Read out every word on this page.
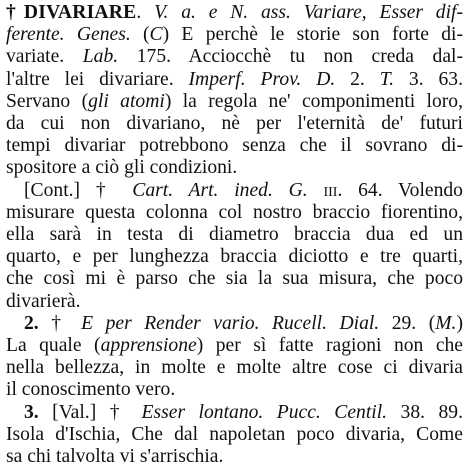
†DIVARIARE. V. a. e N. ass. Variare, Esser dif-
ferente. Genes. (C) E perchè le storie son forte di-
variate. Lab. 175. Acciocchè tu non creda dal-
l'altre lei divariare. Imperf. Prov. D. 2. T. 3. 63.
Servano (gli atomi) la regola ne' componimenti loro,
da cui non divariano, nè per l'eternità de' futuri
tempi divariar potrebbono senza che il sovrano di-
spositore a ciò gli condizioni.
[Cont.] † Cart. Art. ined. G. iii. 64. Volendo
misurare questa colonna col nostro braccio fiorentino,
ella sarà in testa di diametro braccia dua ed un
quarto, e per lunghezza braccia diciotto e tre quarti,
che così mi è parso che sia la sua misura, che poco
divarierà.
2. † E per Render vario. Rucell. Dial. 29. (M.)
La quale (apprensione) per sì fatte ragioni non che
nella bellezza, in molte e molte altre cose ci divaria
il conoscimento vero.
3. [Val.] † Esser lontano. Pucc. Centil. 38. 89.
Isola d'Ischia, Che dal napoletan poco divaria, Come
sa chi talvolta vi s'arrischia.
